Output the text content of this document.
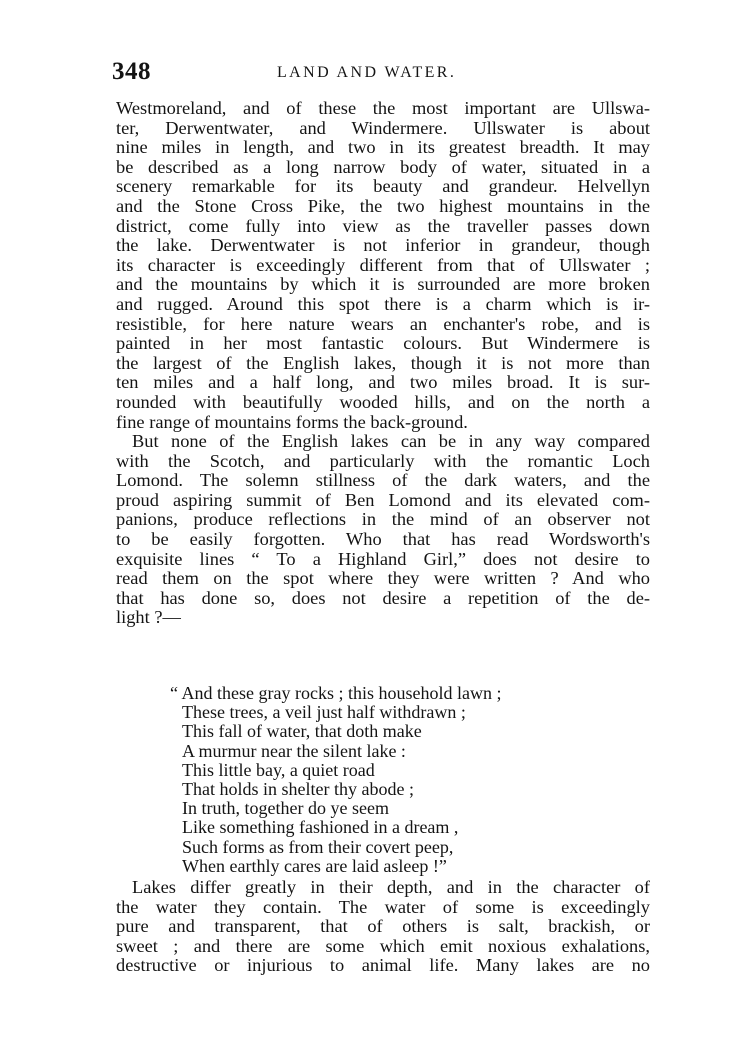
348	LAND AND WATER.
Westmoreland, and of these the most important are Ullswa-
ter, Derwentwater, and Windermere. Ullswater is about
nine miles in length, and two in its greatest breadth. It may
be described as a long narrow body of water, situated in a
scenery remarkable for its beauty and grandeur. Helvellyn
and the Stone Cross Pike, the two highest mountains in the
district, come fully into view as the traveller passes down
the lake. Derwentwater is not inferior in grandeur, though
its character is exceedingly different from that of Ullswater ;
and the mountains by which it is surrounded are more broken
and rugged. Around this spot there is a charm which is ir-
resistible, for here nature wears an enchanter's robe, and is
painted in her most fantastic colours. But Windermere is
the largest of the English lakes, though it is not more than
ten miles and a half long, and two miles broad. It is sur-
rounded with beautifully wooded hills, and on the north a
fine range of mountains forms the back-ground.
But none of the English lakes can be in any way compared
with the Scotch, and particularly with the romantic Loch
Lomond. The solemn stillness of the dark waters, and the
proud aspiring summit of Ben Lomond and its elevated com-
panions, produce reflections in the mind of an observer not
to be easily forgotten. Who that has read Wordsworth's
exquisite lines “ To a Highland Girl,” does not desire to
read them on the spot where they were written ? And who
that has done so, does not desire a repetition of the de-
light ?—
“ And these gray rocks ; this household lawn ;
These trees, a veil just half withdrawn ;
This fall of water, that doth make
A murmur near the silent lake :
This little bay, a quiet road
That holds in shelter thy abode ;
In truth, together do ye seem
Like something fashioned in a dream ,
Such forms as from their covert peep,
When earthly cares are laid asleep !”
Lakes differ greatly in their depth, and in the character of
the water they contain. The water of some is exceedingly
pure and transparent, that of others is salt, brackish, or
sweet ; and there are some which emit noxious exhalations,
destructive or injurious to animal life. Many lakes are no
